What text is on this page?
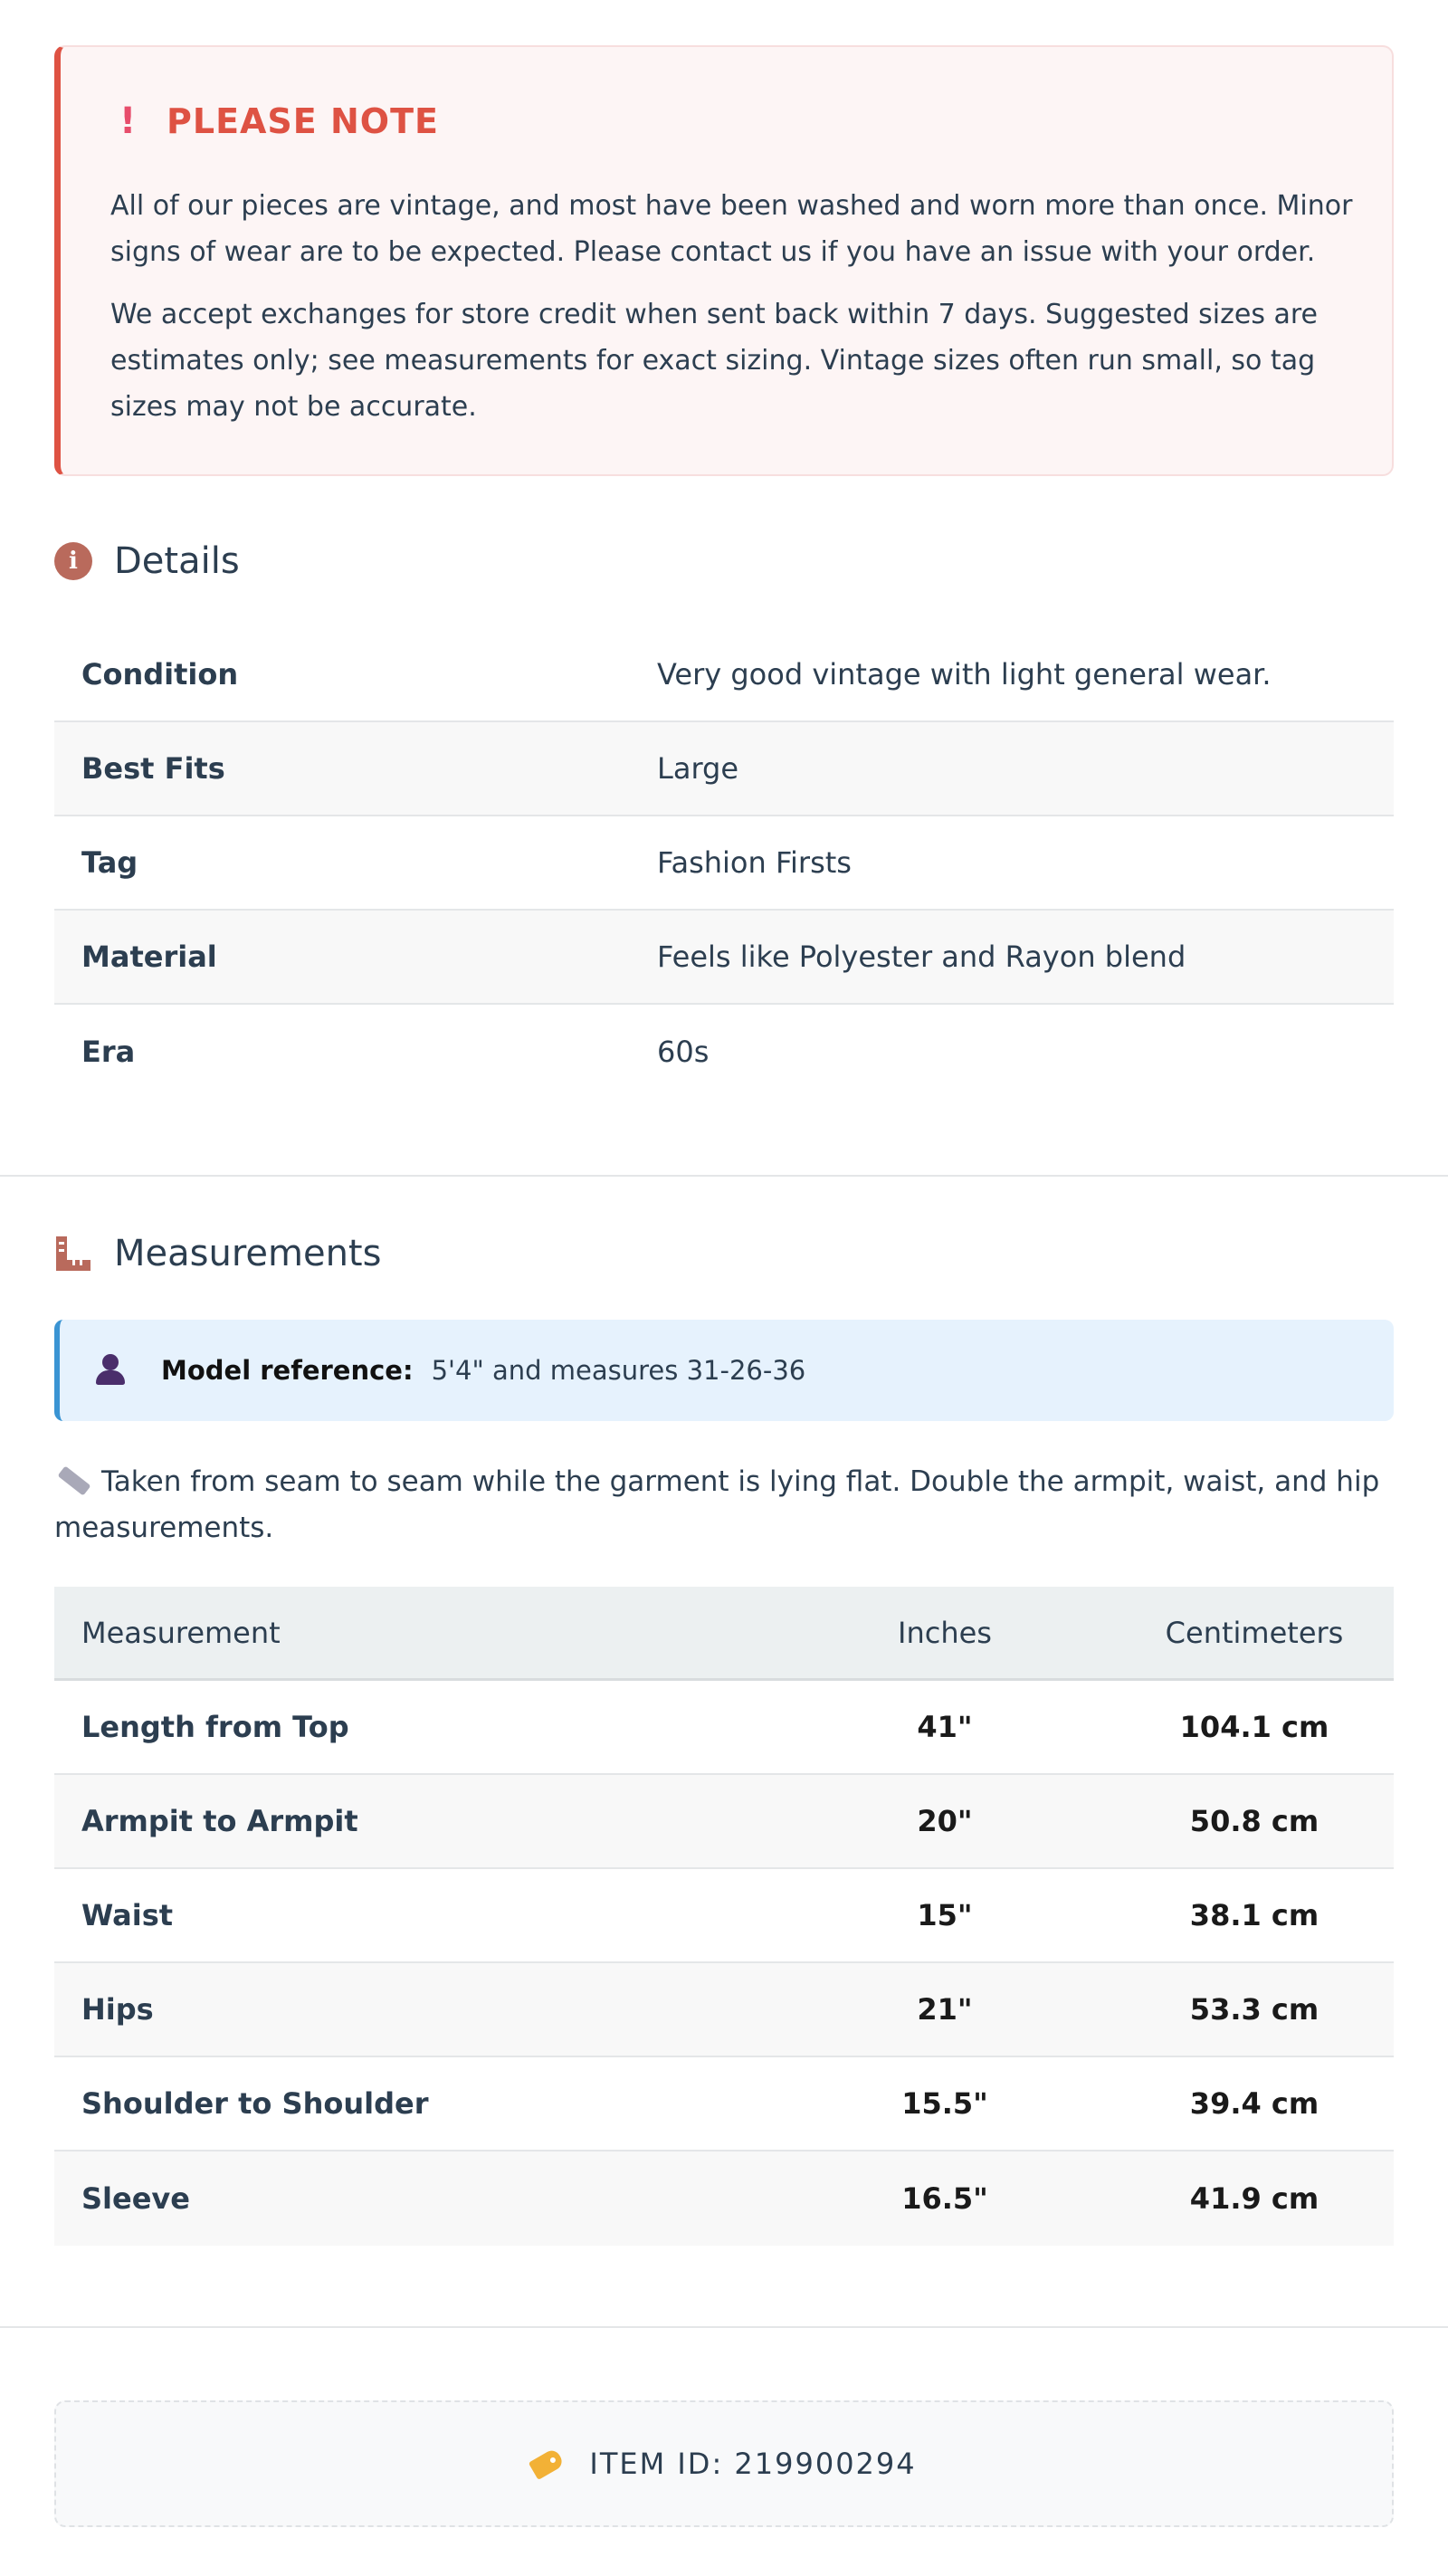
! PLEASE NOTE

All of our pieces are vintage, and most have been washed and worn more than once. Minor signs of wear are to be expected. Please contact us if you have an issue with your order.

We accept exchanges for store credit when sent back within 7 days. Suggested sizes are estimates only; see measurements for exact sizing. Vintage sizes often run small, so tag sizes may not be accurate.

i	Details
Condition	Very good vintage with light general wear.
Best Fits	Large
Tag	Fashion Firsts
Material	Feels like Polyester and Rayon blend
Era	60s
Measurements
Model reference: 5'4" and measures 31-26-36

Taken from seam to seam while the garment is lying flat. Double the armpit, waist, and hip measurements.

Measurement	Inches	Centimeters
Length from Top	41"	104.1 cm
Armpit to Armpit	20"	50.8 cm
Waist	15"	38.1 cm
Hips	21"	53.3 cm
Shoulder to Shoulder	15.5"	39.4 cm
Sleeve	16.5"	41.9 cm
ITEM ID: 219900294
